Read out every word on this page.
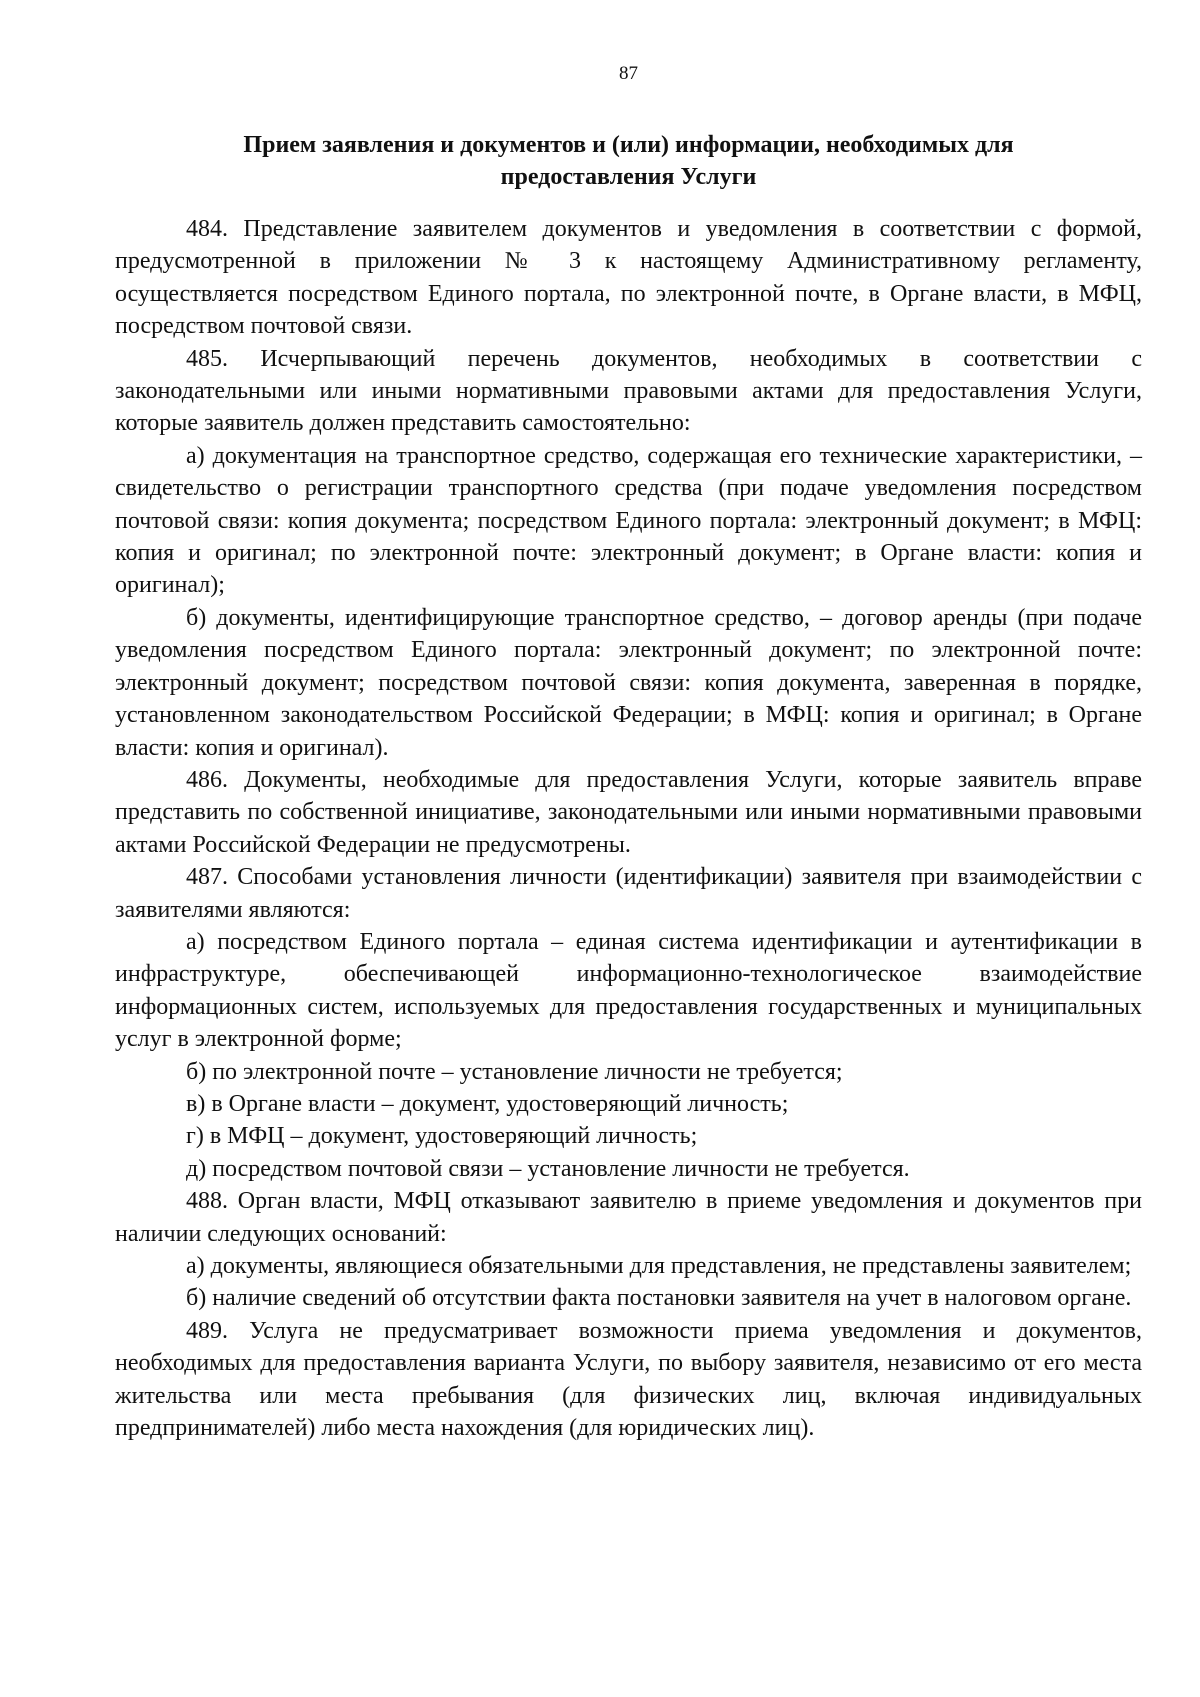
87
Прием заявления и документов и (или) информации, необходимых для
предоставления Услуги

484. Представление заявителем документов и уведомления в соответствии с формой, предусмотренной в приложении № 3 к настоящему Административному регламенту, осуществляется посредством Единого портала, по электронной почте, в Органе власти, в МФЦ, посредством почтовой связи.

485. Исчерпывающий перечень документов, необходимых в соответствии с законодательными или иными нормативными правовыми актами для предоставления Услуги, которые заявитель должен представить самостоятельно:

а) документация на транспортное средство, содержащая его технические характеристики, – свидетельство о регистрации транспортного средства (при подаче уведомления посредством почтовой связи: копия документа; посредством Единого портала: электронный документ; в МФЦ: копия и оригинал; по электронной почте: электронный документ; в Органе власти: копия и оригинал);

б) документы, идентифицирующие транспортное средство, – договор аренды (при подаче уведомления посредством Единого портала: электронный документ; по электронной почте: электронный документ; посредством почтовой связи: копия документа, заверенная в порядке, установленном законодательством Российской Федерации; в МФЦ: копия и оригинал; в Органе власти: копия и оригинал).

486. Документы, необходимые для предоставления Услуги, которые заявитель вправе представить по собственной инициативе, законодательными или иными нормативными правовыми актами Российской Федерации не предусмотрены.

487. Способами установления личности (идентификации) заявителя при взаимодействии с заявителями являются:

а) посредством Единого портала – единая система идентификации и аутентификации в инфраструктуре, обеспечивающей информационно-технологическое взаимодействие информационных систем, используемых для предоставления государственных и муниципальных услуг в электронной форме;

б) по электронной почте – установление личности не требуется;

в) в Органе власти – документ, удостоверяющий личность;

г) в МФЦ – документ, удостоверяющий личность;

д) посредством почтовой связи – установление личности не требуется.

488. Орган власти, МФЦ отказывают заявителю в приеме уведомления и документов при наличии следующих оснований:

а) документы, являющиеся обязательными для представления, не представлены заявителем;

б) наличие сведений об отсутствии факта постановки заявителя на учет в налоговом органе.

489. Услуга не предусматривает возможности приема уведомления и документов, необходимых для предоставления варианта Услуги, по выбору заявителя, независимо от его места жительства или места пребывания (для физических лиц, включая индивидуальных предпринимателей) либо места нахождения (для юридических лиц).
